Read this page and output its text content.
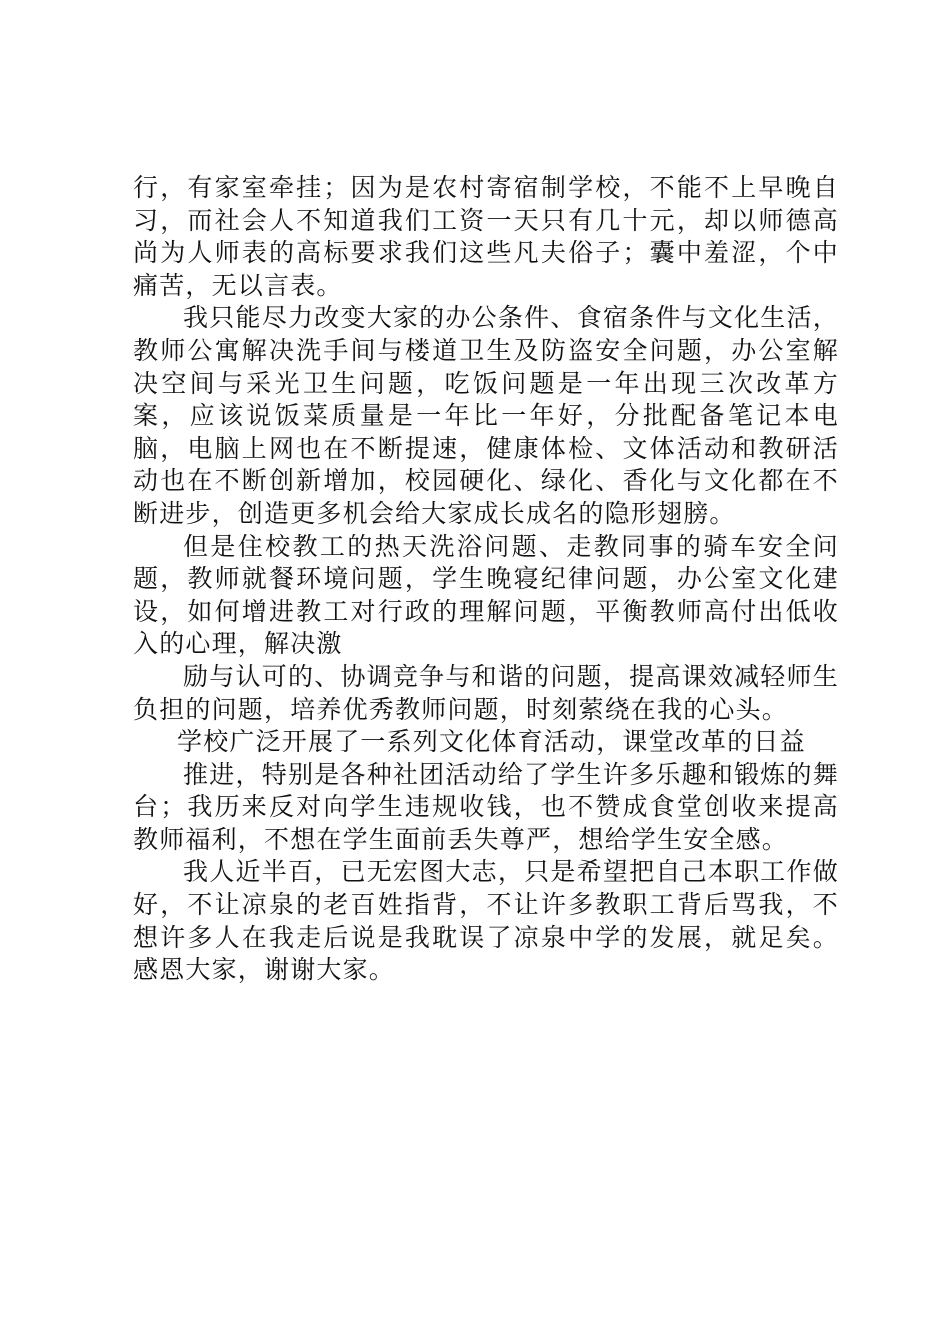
行，有家室牵挂；因为是农村寄宿制学校，不能不上早晚自习，而社会人不知道我们工资一天只有几十元，却以师德高尚为人师表的高标要求我们这些凡夫俗子；囊中羞涩，个中痛苦，无以言表。

我只能尽力改变大家的办公条件、食宿条件与文化生活，教师公寓解决洗手间与楼道卫生及防盗安全问题，办公室解决空间与采光卫生问题，吃饭问题是一年出现三次改革方案，应该说饭菜质量是一年比一年好，分批配备笔记本电脑，电脑上网也在不断提速，健康体检、文体活动和教研活动也在不断创新增加，校园硬化、绿化、香化与文化都在不断进步，创造更多机会给大家成长成名的隐形翅膀。

但是住校教工的热天洗浴问题、走教同事的骑车安全问题，教师就餐环境问题，学生晚寝纪律问题，办公室文化建设，如何增进教工对行政的理解问题，平衡教师高付出低收入的心理，解决激

励与认可的、协调竞争与和谐的问题，提高课效减轻师生负担的问题，培养优秀教师问题，时刻萦绕在我的心头。

学校广泛开展了一系列文化体育活动，课堂改革的日益

推进，特别是各种社团活动给了学生许多乐趣和锻炼的舞台；我历来反对向学生违规收钱，也不赞成食堂创收来提高教师福利，不想在学生面前丢失尊严，想给学生安全感。

我人近半百，已无宏图大志，只是希望把自己本职工作做好，不让凉泉的老百姓指背，不让许多教职工背后骂我，不想许多人在我走后说是我耽误了凉泉中学的发展，就足矣。感恩大家，谢谢大家。
